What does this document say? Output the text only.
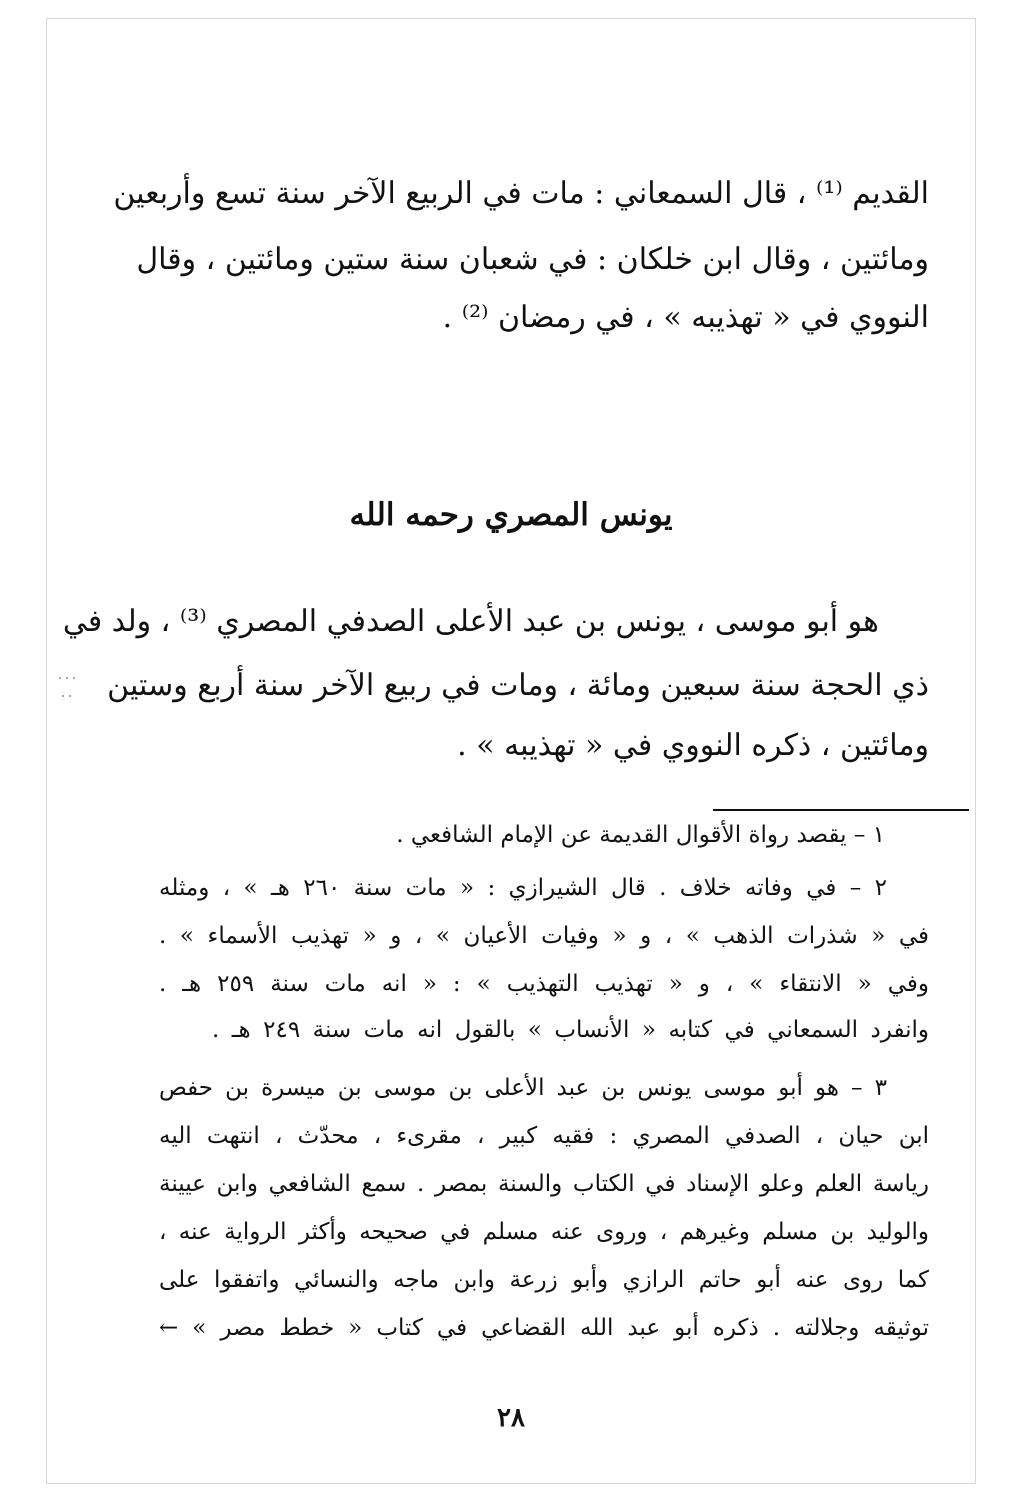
القديم ⁽¹⁾ ، قال السمعاني : مات في الربيع الآخر سنة تسع وأربعين
ومائتين ، وقال ابن خلكان : في شعبان سنة ستين ومائتين ، وقال
النووي في « تهذيبه » ، في رمضان ⁽²⁾ .
يونس المصري رحمه الله
هو أبو موسى ، يونس بن عبد الأعلى الصدفي المصري ⁽³⁾ ، ولد في
ذي الحجة سنة سبعين ومائة ، ومات في ربيع الآخر سنة أربع وستين
ومائتين ، ذكره النووي في « تهذيبه » .
١ – يقصد رواة الأقوال القديمة عن الإمام الشافعي .
٢ – في وفاته خلاف . قال الشيرازي : « مات سنة ٢٦٠ هـ » ، ومثله
في « شذرات الذهب » ، و « وفيات الأعيان » ، و « تهذيب الأسماء » .
وفي « الانتقاء » ، و « تهذيب التهذيب » : « انه مات سنة ٢٥٩ هـ .
وانفرد السمعاني في كتابه « الأنساب » بالقول انه مات سنة ٢٤٩ هـ .
٣ – هو أبو موسى يونس بن عبد الأعلى بن موسى بن ميسرة بن حفص
ابن حيان ، الصدفي المصري : فقيه كبير ، مقرىء ، محدّث ، انتهت اليه
رياسة العلم وعلو الإسناد في الكتاب والسنة بمصر . سمع الشافعي وابن عيينة
والوليد بن مسلم وغيرهم ، وروى عنه مسلم في صحيحه وأكثر الرواية عنه ،
كما روى عنه أبو حاتم الرازي وأبو زرعة وابن ماجه والنسائي واتفقوا على
توثيقه وجلالته . ذكره أبو عبد الله القضاعي في كتاب « خطط مصر » ←
٢٨
